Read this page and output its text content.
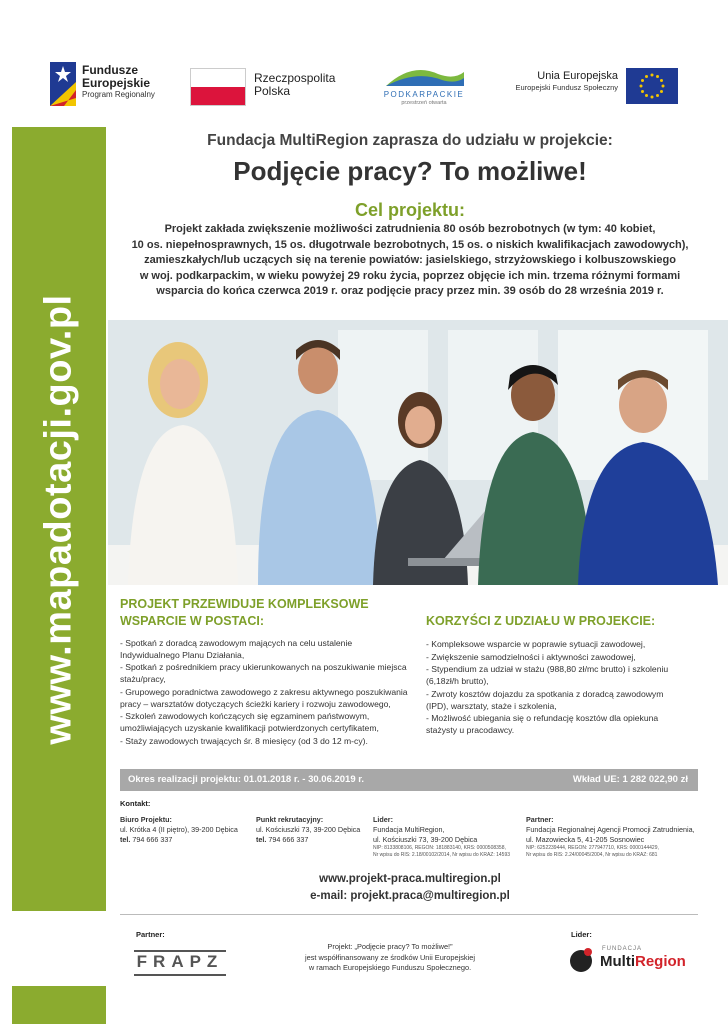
Fundusze
Europejskie
Program Regionalny
Rzeczpospolita
Polska	PODKARPACKIE
przestrzeń otwarta
Unia Europejska
Europejski Fundusz Społeczny
www.mapadotacji.gov.pl
Fundacja MultiRegion zaprasza do udziału w projekcie:
Podjęcie pracy? To możliwe!
Cel projektu:
Projekt zakłada zwiększenie możliwości zatrudnienia 80 osób bezrobotnych (w tym: 40 kobiet,
10 os. niepełnosprawnych, 15 os. długotrwale bezrobotnych, 15 os. o niskich kwalifikacjach zawodowych),
zamieszkałych/lub uczących się na terenie powiatów: jasielskiego, strzyżowskiego i kolbuszowskiego
w woj. podkarpackim, w wieku powyżej 29 roku życia, poprzez objęcie ich min. trzema różnymi formami
wsparcia do końca czerwca 2019 r. oraz podjęcie pracy przez min. 39 osób do 28 września 2019 r.
PROJEKT PRZEWIDUJE KOMPLEKSOWE
WSPARCIE W POSTACI:
- Spotkań z doradcą zawodowym mających na celu ustalenie Indywidualnego Planu Działania,
- Spotkań z pośrednikiem pracy ukierunkowanych na poszukiwanie miejsca stażu/pracy,
- Grupowego poradnictwa zawodowego z zakresu aktywnego poszukiwania pracy – warsztatów dotyczących ścieżki kariery i rozwoju zawodowego,
- Szkoleń zawodowych kończących się egzaminem państwowym, umożliwiających uzyskanie kwalifikacji potwierdzonych certyfikatem,
- Staży zawodowych trwających śr. 8 miesięcy (od 3 do 12 m-cy).
KORZYŚCI Z UDZIAŁU W PROJEKCIE:
- Kompleksowe wsparcie w poprawie sytuacji zawodowej,
- Zwiększenie samodzielności i aktywności zawodowej,
- Stypendium za udział w stażu (988,80 zł/mc brutto) i szkoleniu (6,18zł/h brutto),
- Zwroty kosztów dojazdu za spotkania z doradcą zawodowym (IPD), warsztaty, staże i szkolenia,
- Możliwość ubiegania się o refundację kosztów dla opiekuna stażysty u pracodawcy.
Okres realizacji projektu: 01.01.2018 r. - 30.06.2019 r.	Wkład UE: 1 282 022,90 zł
Kontakt:
Biuro Projektu:
ul. Krótka 4 (II piętro), 39-200 Dębica
tel. 794 666 337
Punkt rekrutacyjny:
ul. Kościuszki 73, 39-200 Dębica
tel. 794 666 337
Lider:
Fundacja MultiRegion,
ul. Kościuszki 73, 39-200 Dębica
NIP: 8133808106, REGON: 181883140, KRS: 0000508358,
Nr wpisu do RIS: 2.18/00102/2014, Nr wpisu do KRAZ: 14593
Partner:
Fundacja Regionalnej Agencji Promocji Zatrudnienia,
ul. Mazowiecka 5, 41-205 Sosnowiec
NIP: 6252239444, REGON: 277947710, KRS: 0000144429,
Nr wpisu do RIS: 2.24/00045/2004, Nr wpisu do KRAZ: 681
www.projekt-praca.multiregion.pl
e-mail: projekt.praca@multiregion.pl
Partner:
FRAPZ
Projekt: „Podjęcie pracy? To możliwe!”
jest współfinansowany ze środków Unii Europejskiej
w ramach Europejskiego Funduszu Społecznego.
Lider:
FUNDACJA
MultiRegion
